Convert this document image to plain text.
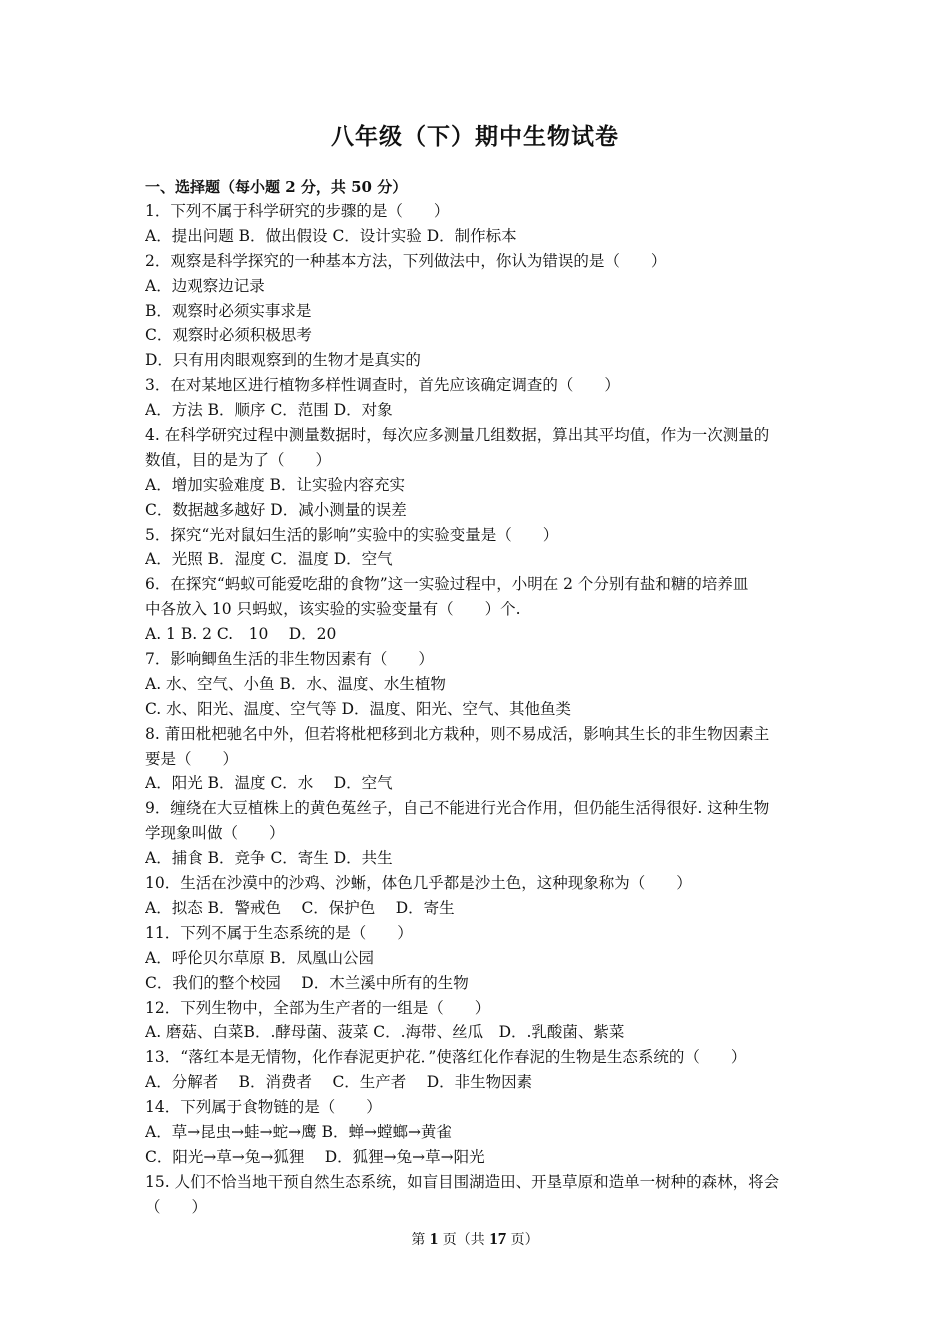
八年级（下）期中生物试卷
一、选择题（每小题 2 分，共 50 分）
1．下列不属于科学研究的步骤的是（　　）
A．提出问题 B．做出假设 C．设计实验 D．制作标本
2．观察是科学探究的一种基本方法，下列做法中，你认为错误的是（　　）
A．边观察边记录
B．观察时必须实事求是
C．观察时必须积极思考
D．只有用肉眼观察到的生物才是真实的
3．在对某地区进行植物多样性调查时，首先应该确定调查的（　　）
A．方法 B．顺序 C．范围 D．对象
4. 在科学研究过程中测量数据时，每次应多测量几组数据，算出其平均值，作为一次测量的
数值，目的是为了（　　）
A．增加实验难度 B．让实验内容充实
C．数据越多越好 D．减小测量的误差
5．探究“光对鼠妇生活的影响”实验中的实验变量是（　　）
A．光照 B．湿度 C．温度 D．空气
6．在探究“蚂蚁可能爱吃甜的食物”这一实验过程中，小明在 2 个分别有盐和糖的培养皿
中各放入 10 只蚂蚁，该实验的实验变量有（　　）个.
A. 1 B. 2 C.　10　 D．20
7．影响鲫鱼生活的非生物因素有（　　）
A. 水、空气、小鱼 B．水、温度、水生植物
C. 水、阳光、温度、空气等 D．温度、阳光、空气、其他鱼类
8. 莆田枇杷驰名中外，但若将枇杷移到北方栽种，则不易成活，影响其生长的非生物因素主
要是（　　）
A．阳光 B．温度 C．水　 D．空气
9．缠绕在大豆植株上的黄色菟丝子，自己不能进行光合作用，但仍能生活得很好. 这种生物
学现象叫做（　　）
A．捕食 B．竞争 C．寄生 D．共生
10．生活在沙漠中的沙鸡、沙蜥，体色几乎都是沙土色，这种现象称为（　　）
A．拟态 B．警戒色　 C．保护色　 D．寄生
11．下列不属于生态系统的是（　　）
A．呼伦贝尔草原 B．凤凰山公园
C．我们的整个校园　 D．木兰溪中所有的生物
12．下列生物中，全部为生产者的一组是（　　）
A. 磨菇、白菜B．.酵母菌、菠菜 C．.海带、丝瓜　D．.乳酸菌、紫菜
13．“落红本是无情物，化作春泥更护花．”使落红化作春泥的生物是生态系统的（　　）
A．分解者　 B．消费者　 C．生产者　 D．非生物因素
14．下列属于食物链的是（　　）
A．草→昆虫→蛙→蛇→鹰 B．蝉→螳螂→黄雀
C．阳光→草→兔→狐狸　 D．狐狸→兔→草→阳光
15. 人们不恰当地干预自然生态系统，如盲目围湖造田、开垦草原和造单一树种的森林，将会
（　　）
第 1 页（共 17 页）
